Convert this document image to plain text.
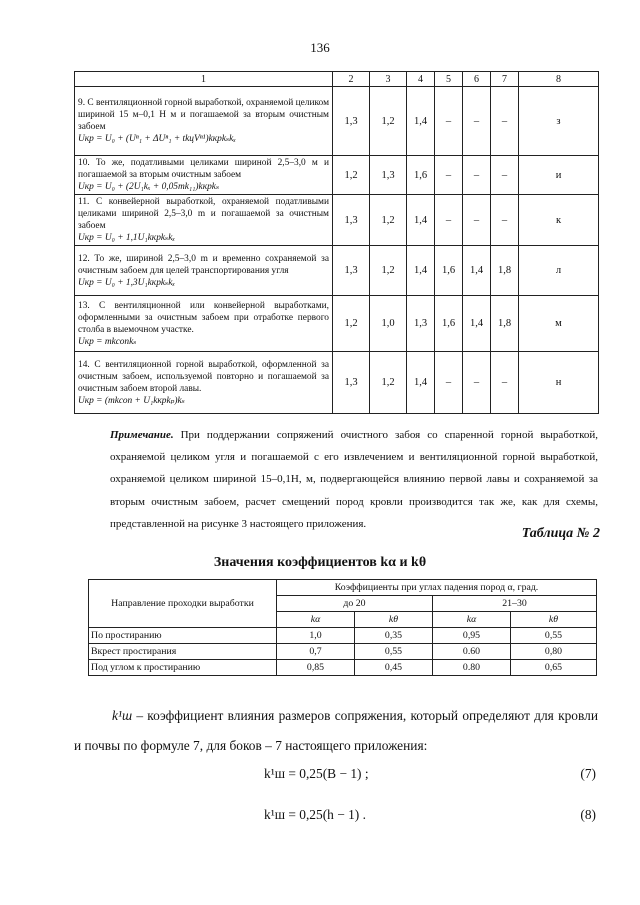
136
1	2	3	4	5	6	7	8

9. С вентиляционной горной выработкой, охраняемой целиком шириной 15 м–0,1 Н м и погашаемой за вторым очистным забоем
Uкр = U₀ + (Uⁿ₁ + ΔUⁿ₁ + tkцVⁿ¹)kкрkₛkₓ	1,3	1,2	1,4	–	–	–	з

10. То же, податливыми целиками шириной 2,5–3,0 м и погашаемой за вторым очистным забоем
Uкр = U₀ + (2U₁kₓ + 0,05mk₁₁)kкрkₛ	1,2	1,3	1,6	–	–	–	и

11. С конвейерной выработкой, охраняемой податливыми целиками шириной 2,5–3,0 m и погашаемой за очистным забоем
Uкр = U₀ + 1,1U₁kкрkₛkₓ	1,3	1,2	1,4	–	–	–	к

12. То же, шириной 2,5–3,0 m и временно сохраняемой за очистным забоем для целей транспортирования угля
Uкр = U₀ + 1,3U₁kкрkₛkₓ	1,3	1,2	1,4	1,6	1,4	1,8	л

13. С вентиляционной или конвейерной выработками, оформленными за очистным забоем при отработке первого столба в выемочном участке.
Uкр = mkсопkₛ	1,2	1,0	1,3	1,6	1,4	1,8	м

14. С вентиляционной горной выработкой, оформленной за очистным забоем, используемой повторно и погашаемой за очистным забоем второй лавы.
Uкр = (mkсоп + U₁kкрkₚ)kₛ	1,3	1,2	1,4	–	–	–	н
Примечание. При поддержании сопряжений очистного забоя со спаренной горной выработкой, охраняемой целиком угля и погашаемой с его извлечением и вентиляционной горной выработкой, охраняемой целиком шириной 15–0,1Н, м, подвергающейся влиянию первой лавы и сохраняемой за вторым очистным забоем, расчет смещений пород кровли производится так же, как для схемы, представленной на рисунке 3 настоящего приложения.
Таблица № 2
Значения коэффициентов kα и kθ
Направление проходки выработки	Коэффициенты при углах падения пород α, град.			
	до 20		21–30	
	kα	kθ	kα	kθ
По простиранию	1,0	0,35	0,95	0,55
Вкрест простирания	0,7	0,55	0.60	0,80
Под углом к простиранию	0,85	0,45	0.80	0,65
k¹ш – коэффициент влияния размеров сопряжения, который определяют для кровли и почвы по формуле 7, для боков – 7 настоящего приложения:
k¹ш = 0,25(B − 1) ;	(7)
k¹ш = 0,25(h − 1) .	(8)
